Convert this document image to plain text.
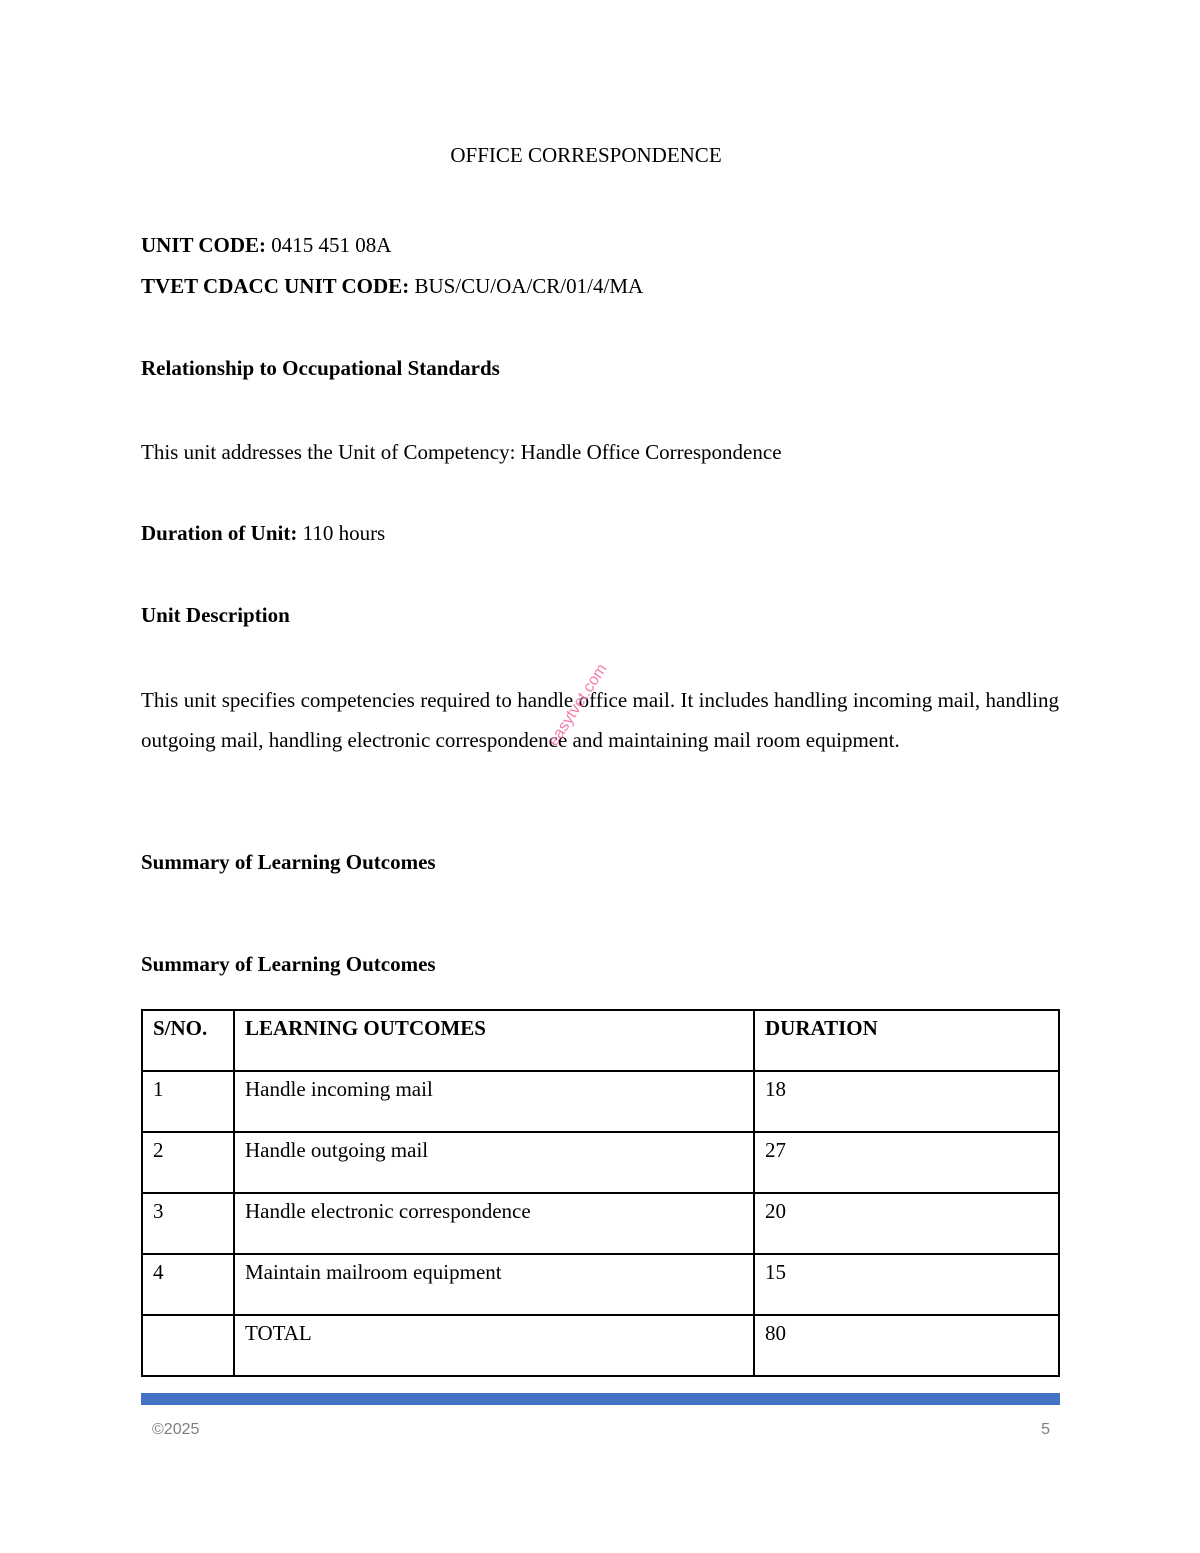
OFFICE CORRESPONDENCE
UNIT CODE: 0415 451 08A
TVET CDACC UNIT CODE: BUS/CU/OA/CR/01/4/MA
Relationship to Occupational Standards
This unit addresses the Unit of Competency: Handle Office Correspondence
Duration of Unit: 110 hours
Unit Description
This unit specifies competencies required to handle office mail. It includes handling incoming mail, handling outgoing mail, handling electronic correspondence and maintaining mail room equipment.
easytvet.com
Summary of Learning Outcomes
Summary of Learning Outcomes
S/NO.	LEARNING OUTCOMES	DURATION
1	Handle incoming mail	18
2	Handle outgoing mail	27
3	Handle electronic correspondence	20
4	Maintain mailroom equipment	15
	TOTAL	80
©2025	5
